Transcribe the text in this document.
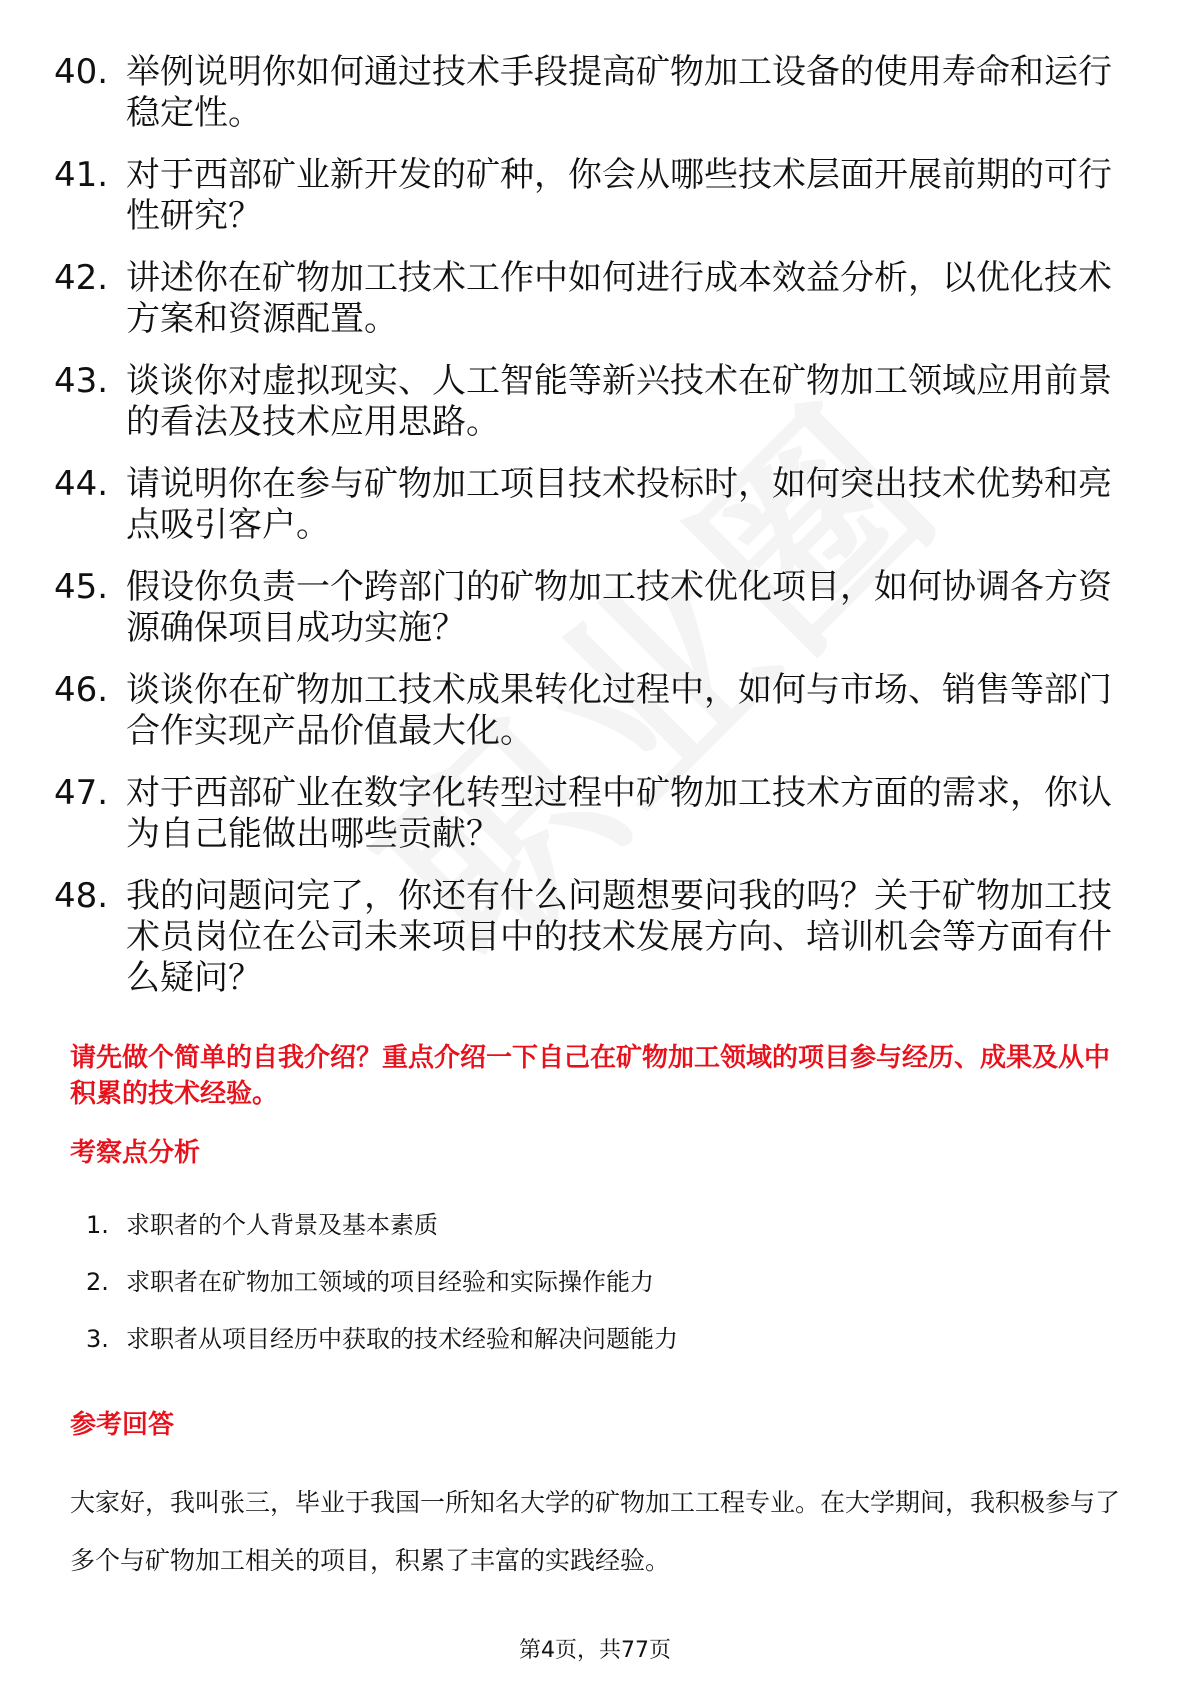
40. 举例说明你如何通过技术手段提高矿物加工设备的使用寿命和运行稳定性。
41. 对于西部矿业新开发的矿种，你会从哪些技术层面开展前期的可行性研究？
42. 讲述你在矿物加工技术工作中如何进行成本效益分析，以优化技术方案和资源配置。
43. 谈谈你对虚拟现实、人工智能等新兴技术在矿物加工领域应用前景的看法及技术应用思路。
44. 请说明你在参与矿物加工项目技术投标时，如何突出技术优势和亮点吸引客户。
45. 假设你负责一个跨部门的矿物加工技术优化项目，如何协调各方资源确保项目成功实施？
46. 谈谈你在矿物加工技术成果转化过程中，如何与市场、销售等部门合作实现产品价值最大化。
47. 对于西部矿业在数字化转型过程中矿物加工技术方面的需求，你认为自己能做出哪些贡献？
48. 我的问题问完了，你还有什么问题想要问我的吗？关于矿物加工技术员岗位在公司未来项目中的技术发展方向、培训机会等方面有什么疑问？
请先做个简单的自我介绍？重点介绍一下自己在矿物加工领域的项目参与经历、成果及从中积累的技术经验。
考察点分析
1. 求职者的个人背景及基本素质
2. 求职者在矿物加工领域的项目经验和实际操作能力
3. 求职者从项目经历中获取的技术经验和解决问题能力
参考回答
大家好，我叫张三，毕业于我国一所知名大学的矿物加工工程专业。在大学期间，我积极参与了多个与矿物加工相关的项目，积累了丰富的实践经验。
第4页，共77页
